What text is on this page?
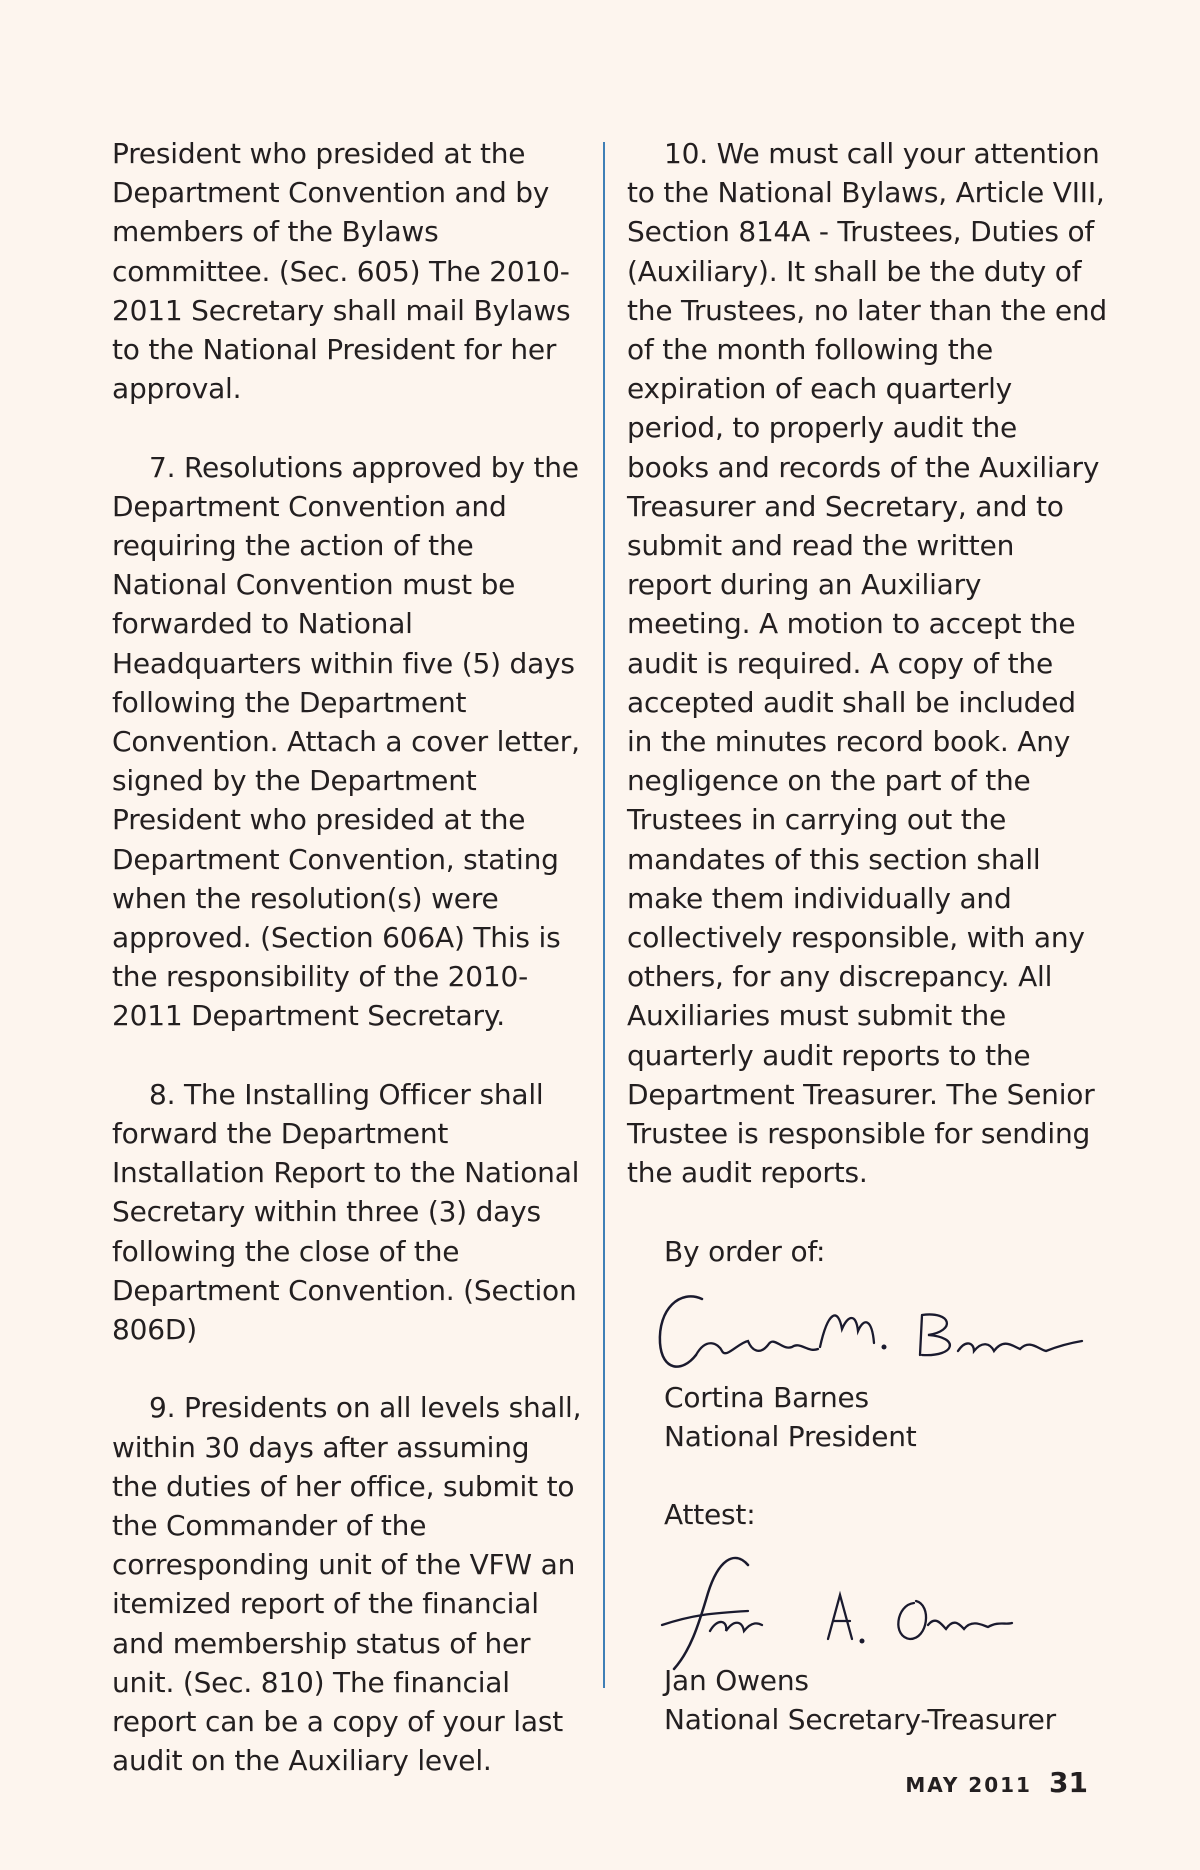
President who presided at the Department Convention and by members of the Bylaws committee. (Sec. 605) The 2010-2011 Secretary shall mail Bylaws to the National President for her approval.

7. Resolutions approved by the Department Convention and requiring the action of the National Convention must be forwarded to National Headquarters within five (5) days following the Department Convention. Attach a cover letter, signed by the Department President who presided at the Department Convention, stating when the resolution(s) were approved. (Section 606A) This is the responsibility of the 2010-2011 Department Secretary.

8. The Installing Officer shall forward the Department Installation Report to the National Secretary within three (3) days following the close of the Department Convention. (Section 806D)

9. Presidents on all levels shall, within 30 days after assuming the duties of her office, submit to the Commander of the corresponding unit of the VFW an itemized report of the financial and membership status of her unit. (Sec. 810) The financial report can be a copy of your last audit on the Auxiliary level.

10. We must call your attention to the National Bylaws, Article VIII, Section 814A - Trustees, Duties of (Auxiliary). It shall be the duty of the Trustees, no later than the end of the month following the expiration of each quarterly period, to properly audit the books and records of the Auxiliary Treasurer and Secretary, and to submit and read the written report during an Auxiliary meeting. A motion to accept the audit is required. A copy of the accepted audit shall be included in the minutes record book. Any negligence on the part of the Trustees in carrying out the mandates of this section shall make them individually and collectively responsible, with any others, for any discrepancy. All Auxiliaries must submit the quarterly audit reports to the Department Treasurer. The Senior Trustee is responsible for sending the audit reports.

By order of:

Cortina Barnes

National President

Attest:

Jan Owens

National Secretary-Treasurer

MAY 2011 31
